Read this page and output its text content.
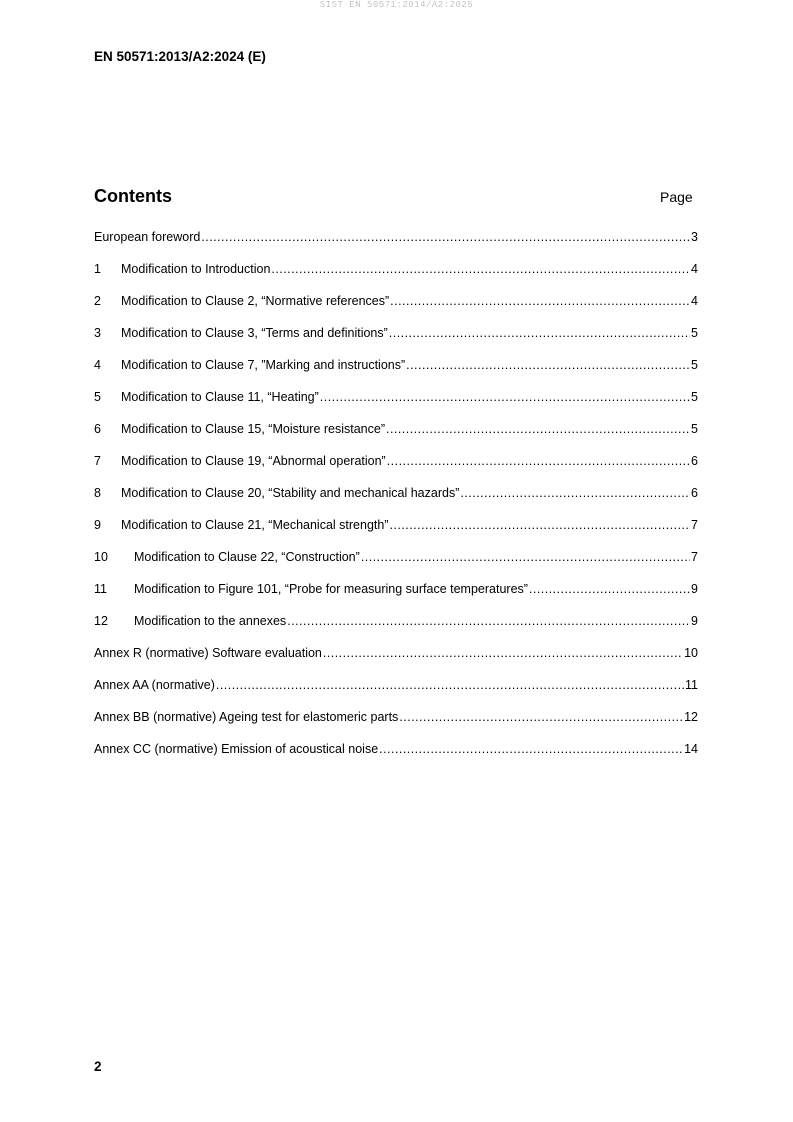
SIST EN 50571:2014/A2:2025
EN 50571:2013/A2:2024 (E)
Contents	Page
European foreword . . .	3
1	Modification to Introduction . . .	4
2	Modification to Clause 2, “Normative references” . . .	4
3	Modification to Clause 3, “Terms and definitions” . . .	5
4	Modification to Clause 7, ”Marking and instructions” . . .	5
5	Modification to Clause 11, “Heating” . . .	5
6	Modification to Clause 15, “Moisture resistance” . . .	5
7	Modification to Clause 19, “Abnormal operation” . . .	6
8	Modification to Clause 20, “Stability and mechanical hazards” . . .	6
9	Modification to Clause 21, “Mechanical strength” . . .	7
10	Modification to Clause 22, “Construction” . . .	7
11	Modification to Figure 101, “Probe for measuring surface temperatures” . . .	9
12	Modification to the annexes . . .	9
Annex R (normative) Software evaluation . . .	10
Annex AA (normative) . . .	11
Annex BB (normative) Ageing test for elastomeric parts . . .	12
Annex CC (normative) Emission of acoustical noise . . .	14
2
